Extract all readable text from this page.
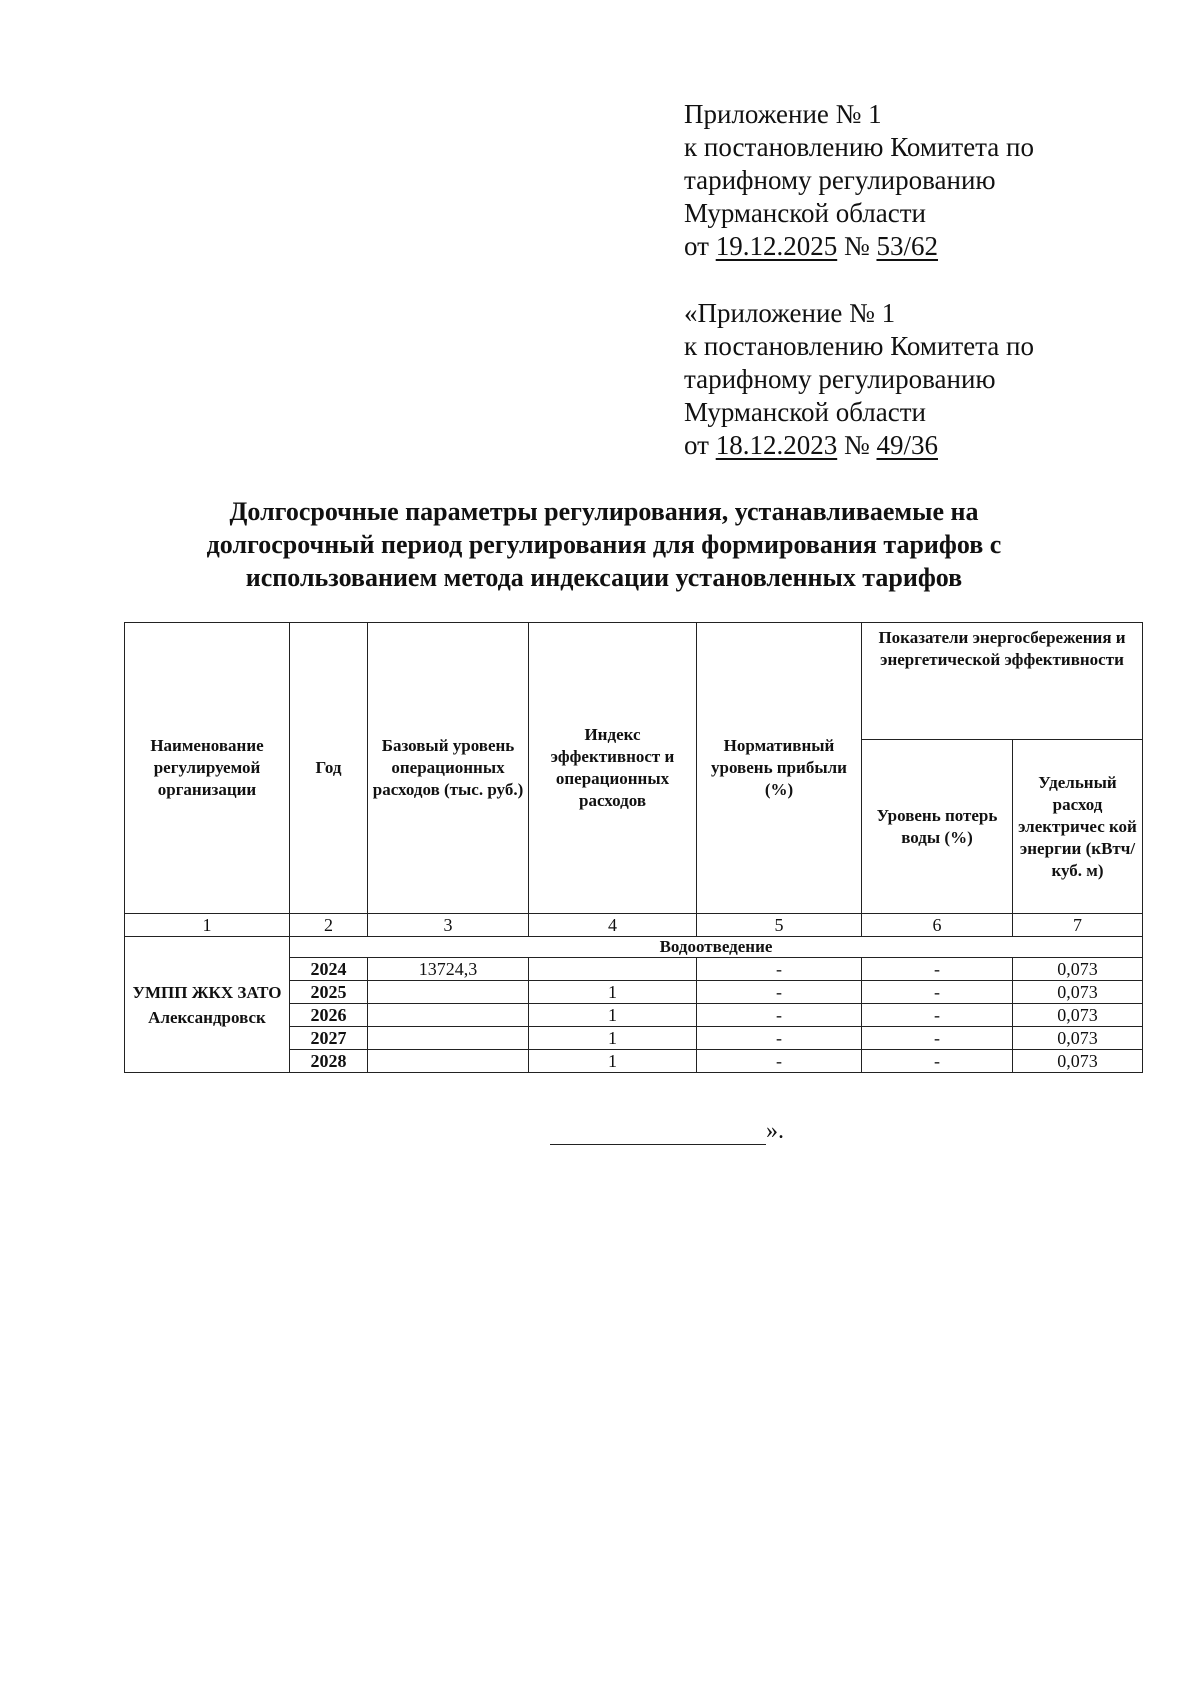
Приложение № 1
к постановлению Комитета по
тарифному регулированию
Мурманской области
от 19.12.2025 № 53/62
«Приложение № 1
к постановлению Комитета по
тарифному регулированию
Мурманской области
от 18.12.2023 № 49/36
Долгосрочные параметры регулирования, устанавливаемые на
долгосрочный период регулирования для формирования тарифов с
использованием метода индексации установленных тарифов
Наименование регулируемой организации	Год	Базовый уровень операционных расходов (тыс. руб.)	Индекс эффективност и операционных расходов	Нормативный уровень прибыли (%)	Показатели энергосбережения и энергетической эффективности	
					Уровень потерь воды (%)	Удельный расход электричес кой энергии (кВтч/куб. м)
1	2	3	4	5	6	7
УМПП ЖКХ ЗАТО Александровск	Водоотведение					
	2024	13724,3		-	-	0,073
	2025		1	-	-	0,073
	2026		1	-	-	0,073
	2027		1	-	-	0,073
	2028		1	-	-	0,073
».
